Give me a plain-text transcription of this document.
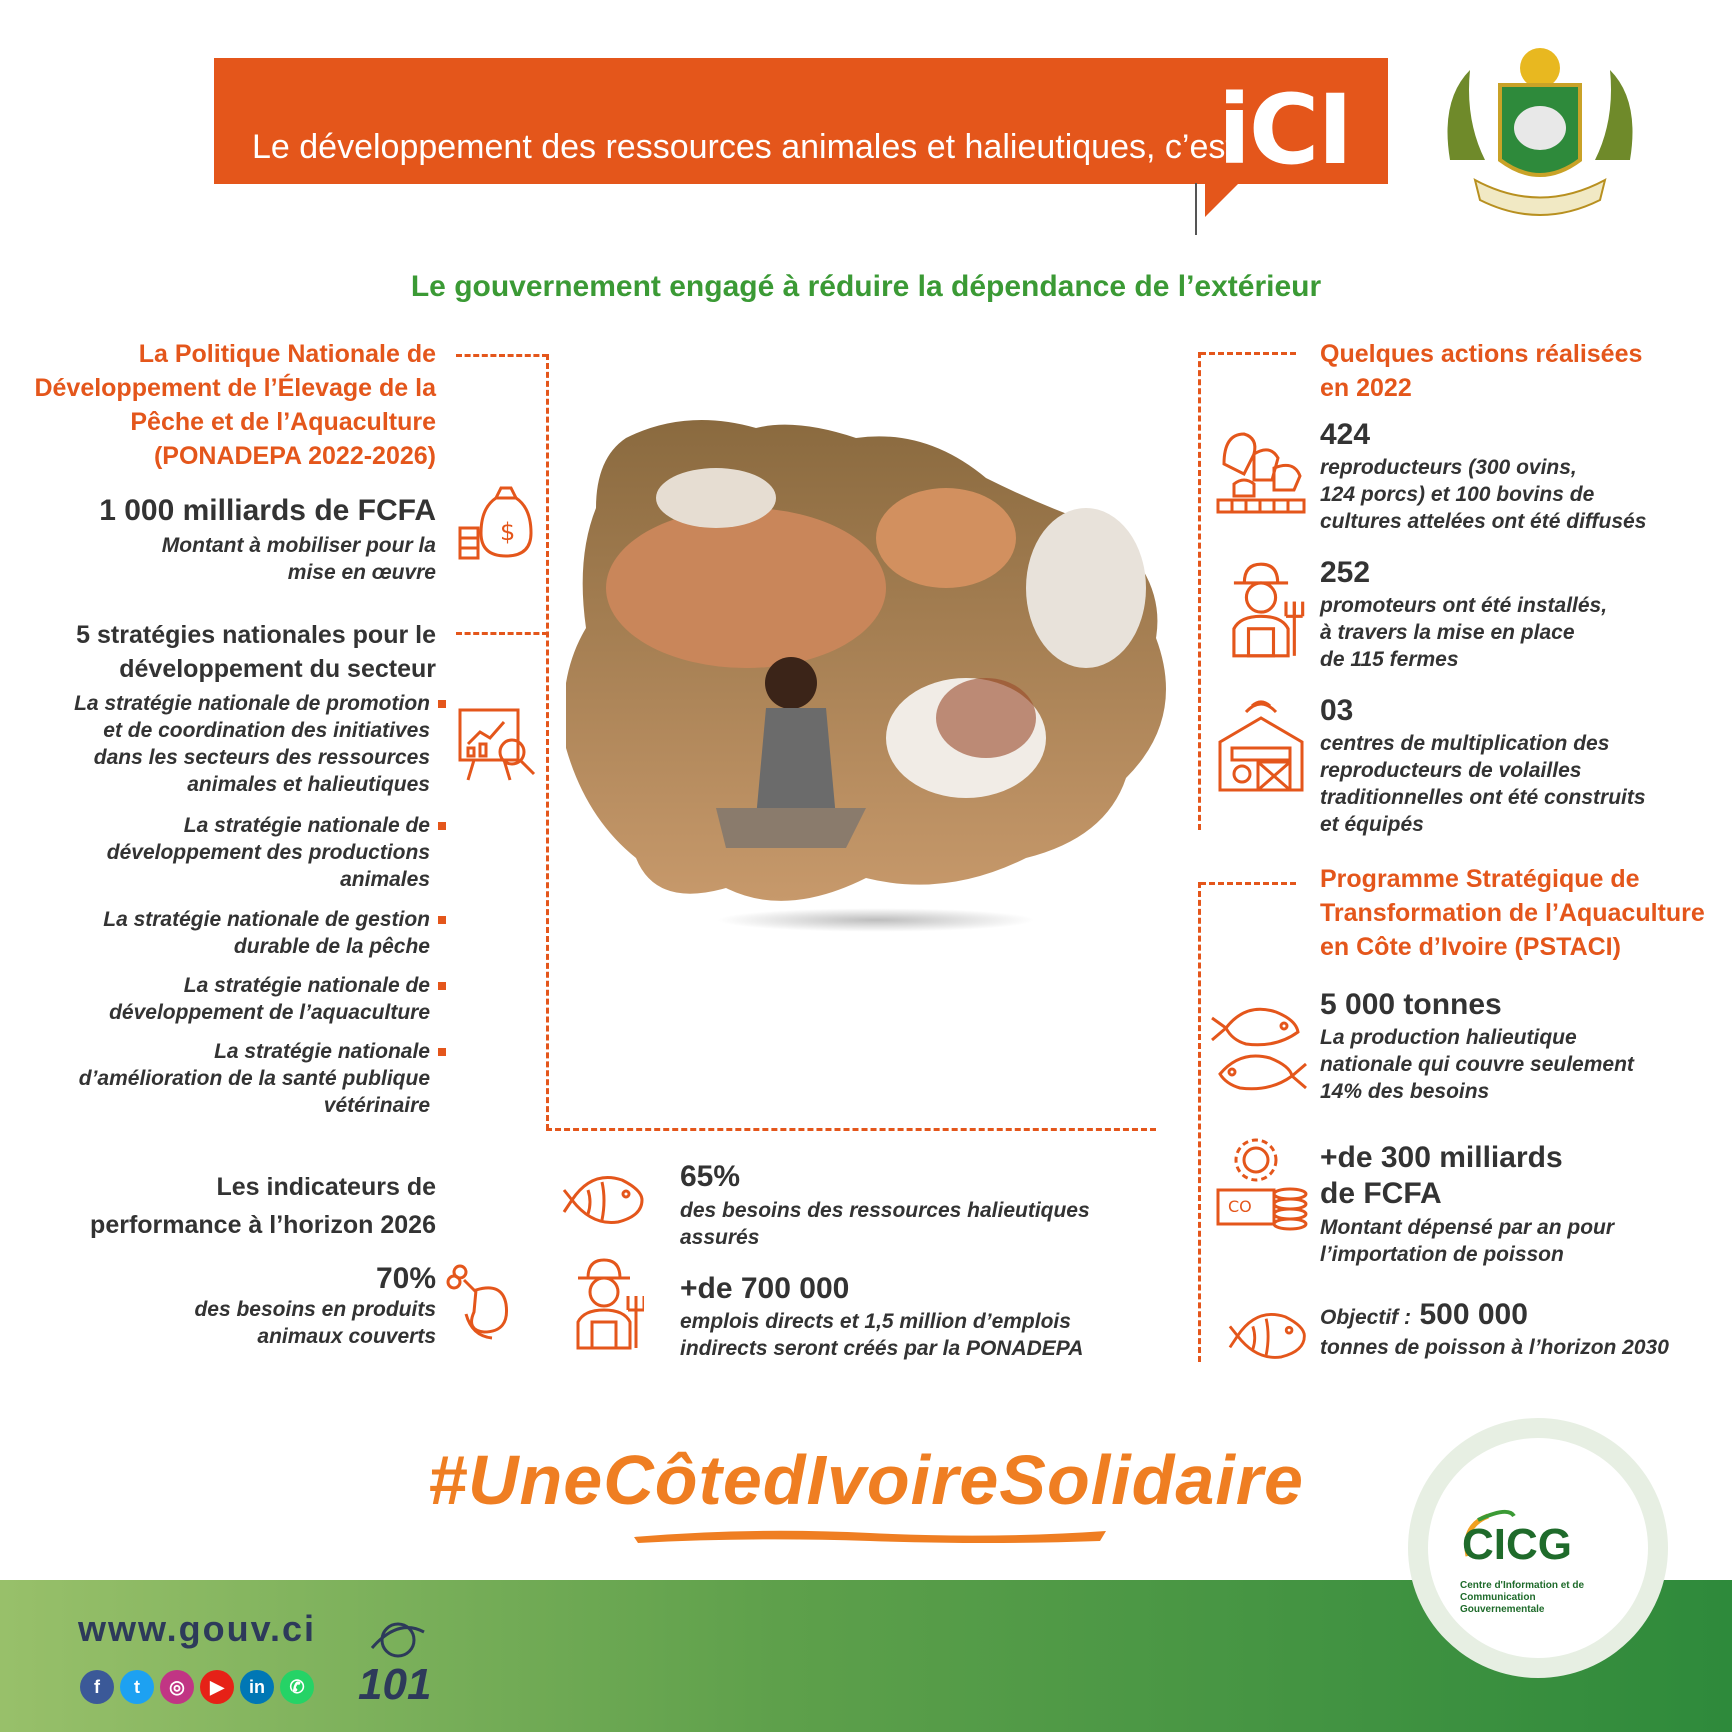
Le développement des ressources animales et halieutiques, c’est
iCI
Le gouvernement engagé à réduire la dépendance de l’extérieur
La Politique Nationale de
Développement de l’Élevage de la
Pêche et de l’Aquaculture
(PONADEPA 2022-2026)
1 000 milliards de FCFA
Montant à mobiliser pour la
mise en œuvre
$
5 stratégies nationales pour le
développement du secteur
La stratégie nationale de promotion
et de coordination des initiatives
dans les secteurs des ressources
animales et halieutiques
La stratégie nationale de
développement des productions
animales
La stratégie nationale de gestion
durable de la pêche
La stratégie nationale de
développement de l’aquaculture
La stratégie nationale
d’amélioration de la santé publique
vétérinaire
Les indicateurs de
performance à l’horizon 2026
70%
des besoins en produits
animaux couverts
65%
des besoins des ressources halieutiques
assurés
+de 700 000
emplois directs et 1,5 million d’emplois
indirects seront créés par la PONADEPA
Quelques actions réalisées
en 2022
424
reproducteurs (300 ovins,
124 porcs) et 100 bovins de
cultures attelées ont été diffusés
252
promoteurs ont été installés,
à travers la mise en place
de 115 fermes
03
centres de multiplication des
reproducteurs de volailles
traditionnelles ont été construits
et équipés
Programme Stratégique de
Transformation de l’Aquaculture
en Côte d’Ivoire (PSTACI)
5 000 tonnes
La production halieutique
nationale qui couvre seulement
14% des besoins
CO
+de 300 milliards
de FCFA
Montant dépensé par an pour
l’importation de poisson
Objectif : 500 000
tonnes de poisson à l’horizon 2030
#UneCôtedIvoireSolidaire
www.gouv.ci
f	t	◎	▶	in	✆ 101
CICG
Centre d'Information et de Communication Gouvernementale
